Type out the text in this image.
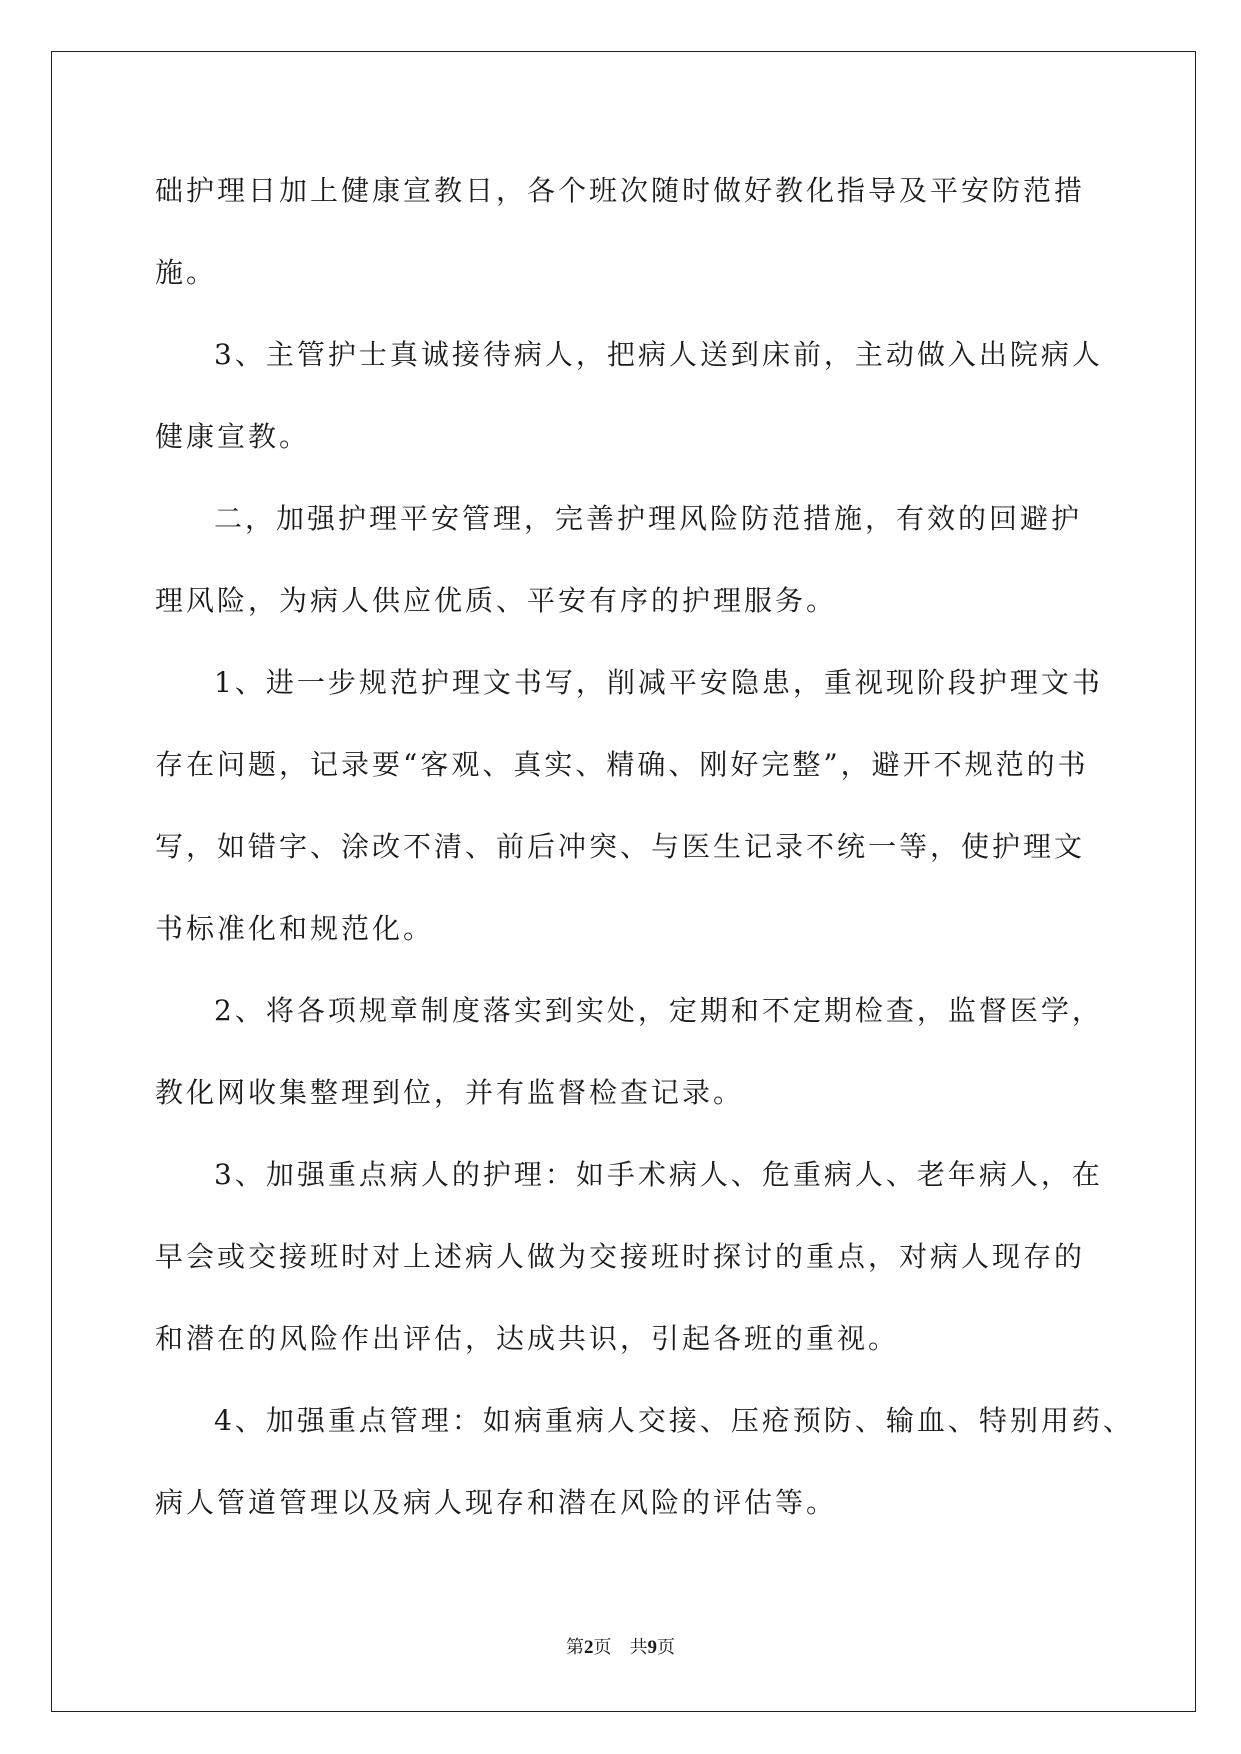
础护理日加上健康宣教日，各个班次随时做好教化指导及平安防范措
施。
3、主管护士真诚接待病人，把病人送到床前，主动做入出院病人
健康宣教。
二，加强护理平安管理，完善护理风险防范措施，有效的回避护
理风险，为病人供应优质、平安有序的护理服务。
1、进一步规范护理文书写，削减平安隐患，重视现阶段护理文书
存在问题，记录要“客观、真实、精确、刚好完整”，避开不规范的书
写，如错字、涂改不清、前后冲突、与医生记录不统一等，使护理文
书标准化和规范化。
2、将各项规章制度落实到实处，定期和不定期检查，监督医学，
教化网收集整理到位，并有监督检查记录。
3、加强重点病人的护理：如手术病人、危重病人、老年病人，在
早会或交接班时对上述病人做为交接班时探讨的重点，对病人现存的
和潜在的风险作出评估，达成共识，引起各班的重视。
4、加强重点管理：如病重病人交接、压疮预防、输血、特别用药、
病人管道管理以及病人现存和潜在风险的评估等。
第2页 共9页
